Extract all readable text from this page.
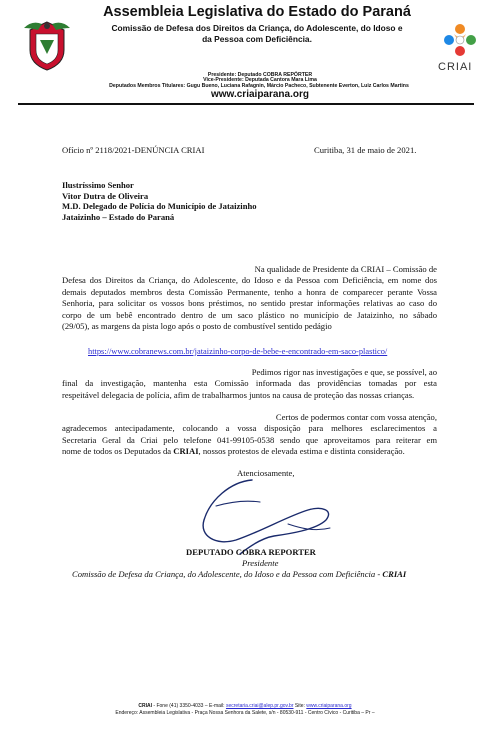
Assembleia Legislativa do Estado do Paraná
Comissão de Defesa dos Direitos da Criança, do Adolescente, do Idoso e
da Pessoa com Deficiência.
Presidente: Deputado COBRA REPÓRTER
Vice-Presidente: Deputada Cantora Mara Lima
Deputados Membros Titulares: Gugu Bueno, Luciana Rafagnin, Márcio Pacheco, Subtenente Everton, Luiz Carlos Martins
www.criaiparana.org
CRIAI
Ofício nº 2118/2021-DENÚNCIA CRIAI	Curitiba, 31 de maio de 2021.
Ilustríssimo Senhor
Vitor Dutra de Oliveira
M.D. Delegado de Polícia do Município de Jataizinho
Jataizinho – Estado do Paraná
Na qualidade de Presidente da CRIAI – Comissão de
Defesa dos Direitos da Criança, do Adolescente, do Idoso e da Pessoa com Deficiência, em nome dos
demais deputados membros desta Comissão Permanente, tenho a honra de comparecer perante Vossa
Senhoria, para solicitar os vossos bons préstimos, no sentido prestar informações relativas ao caso do
corpo de um bebê encontrado dentro de um saco plástico no município de Jataizinho, no sábado
(29/05), as margens da pista logo após o posto de combustível sentido pedágio
https://www.cobranews.com.br/jataizinho-corpo-de-bebe-e-encontrado-em-saco-plastico/
Pedimos rigor nas investigações e que, se possível, ao
final da investigação, mantenha esta Comissão informada das providências tomadas por esta
respeitável delegacia de polícia, afim de trabalharmos juntos na causa de proteção das nossas crianças.
Certos de podermos contar com vossa atenção,
agradecemos antecipadamente, colocando a vossa disposição para melhores esclarecimentos a
Secretaria Geral da Criai pelo telefone 041-99105-0538 sendo que aproveitamos para reiterar em
nome de todos os Deputados da CRIAI, nossos protestos de elevada estima e distinta consideração.
Atenciosamente,
DEPUTADO COBRA REPORTER
Presidente
Comissão de Defesa da Criança, do Adolescente, do Idoso e da Pessoa com Deficiência - CRIAI
CRIAI - Fone (41) 3350-4033 – E-mail: secretaria.criai@alep.pr.gov.br Site: www.criaiparana.org
Endereço: Assembleia Legislativa - Praça Nossa Senhora da Salete, s/n - 80530-911 - Centro Cívico - Curitiba – Pr –
